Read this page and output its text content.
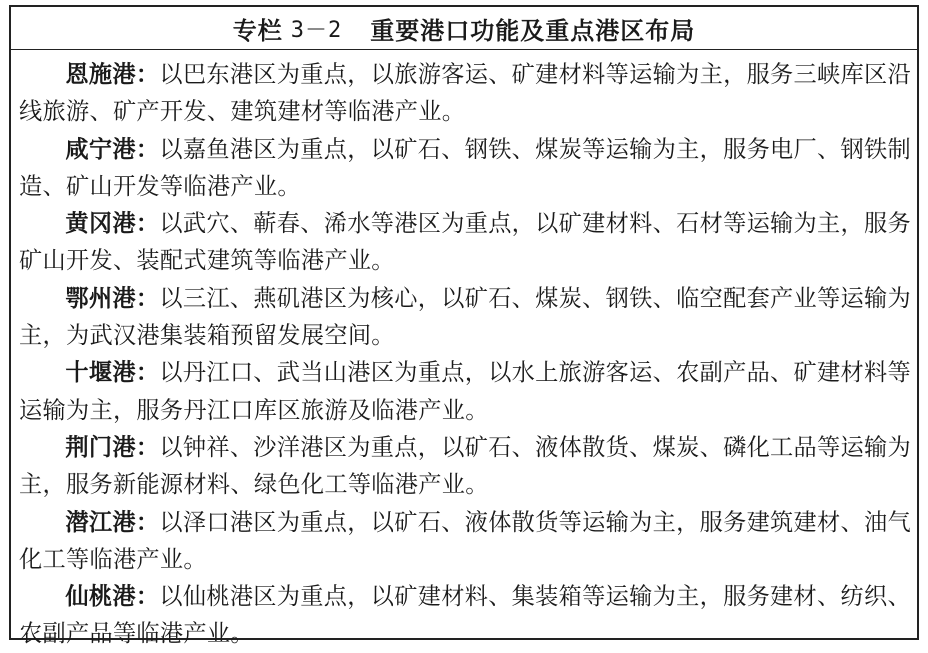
专栏 3－2 重要港口功能及重点港区布局

恩施港：以巴东港区为重点，以旅游客运、矿建材料等运输为主，服务三峡库区沿线旅游、矿产开发、建筑建材等临港产业。

咸宁港：以嘉鱼港区为重点，以矿石、钢铁、煤炭等运输为主，服务电厂、钢铁制造、矿山开发等临港产业。

黄冈港：以武穴、蕲春、浠水等港区为重点，以矿建材料、石材等运输为主，服务矿山开发、装配式建筑等临港产业。

鄂州港：以三江、燕矶港区为核心，以矿石、煤炭、钢铁、临空配套产业等运输为主，为武汉港集装箱预留发展空间。

十堰港：以丹江口、武当山港区为重点，以水上旅游客运、农副产品、矿建材料等运输为主，服务丹江口库区旅游及临港产业。

荆门港：以钟祥、沙洋港区为重点，以矿石、液体散货、煤炭、磷化工品等运输为主，服务新能源材料、绿色化工等临港产业。

潜江港：以泽口港区为重点，以矿石、液体散货等运输为主，服务建筑建材、油气化工等临港产业。

仙桃港：以仙桃港区为重点，以矿建材料、集装箱等运输为主，服务建材、纺织、农副产品等临港产业。
